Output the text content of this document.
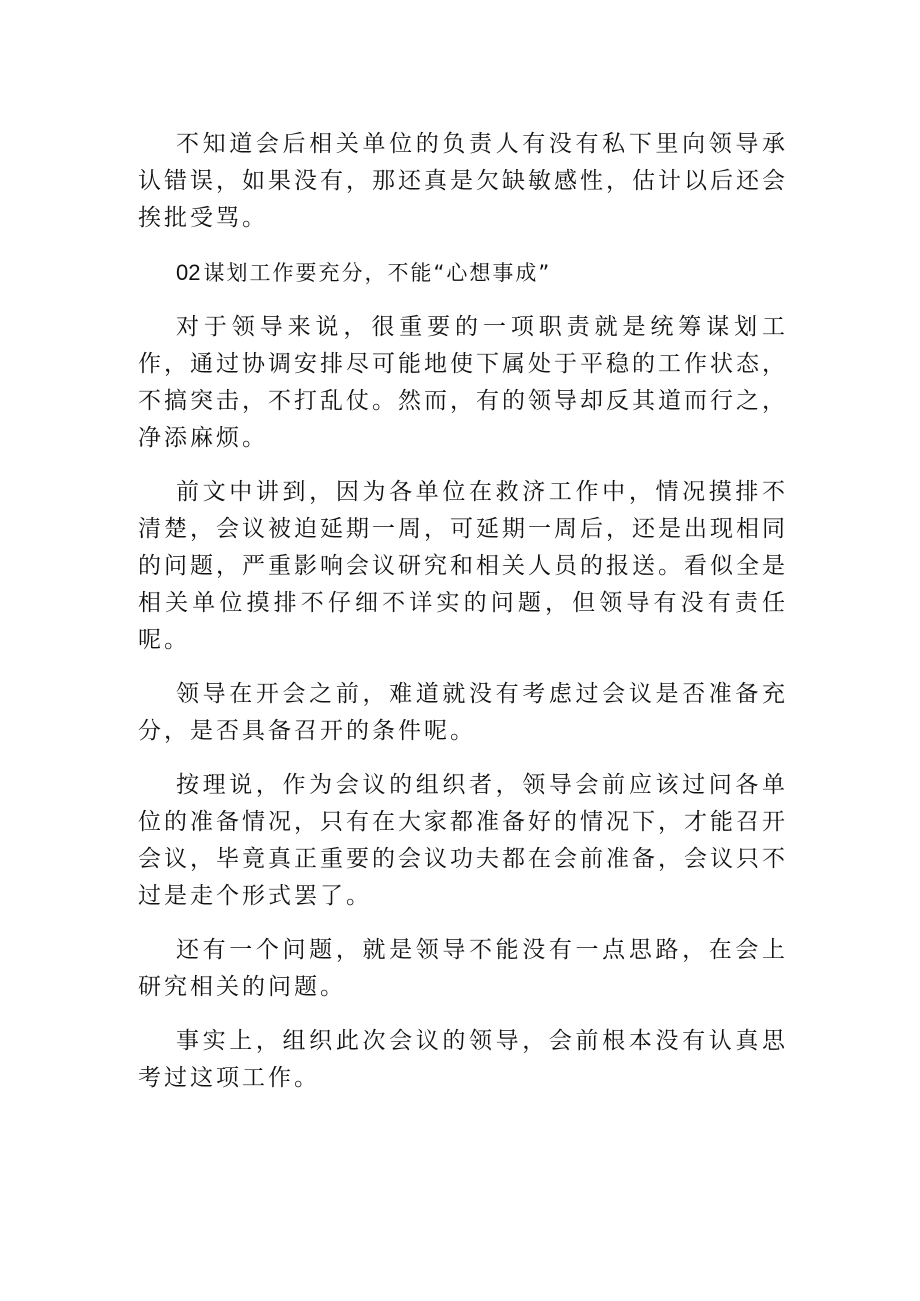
不知道会后相关单位的负责人有没有私下里向领导承认错误，如果没有，那还真是欠缺敏感性，估计以后还会挨批受骂。

02 谋划工作要充分，不能“心想事成”

对于领导来说，很重要的一项职责就是统筹谋划工作，通过协调安排尽可能地使下属处于平稳的工作状态，不搞突击，不打乱仗。然而，有的领导却反其道而行之，净添麻烦。

前文中讲到，因为各单位在救济工作中，情况摸排不清楚，会议被迫延期一周，可延期一周后，还是出现相同的问题，严重影响会议研究和相关人员的报送。看似全是相关单位摸排不仔细不详实的问题，但领导有没有责任呢。

领导在开会之前，难道就没有考虑过会议是否准备充分，是否具备召开的条件呢。

按理说，作为会议的组织者，领导会前应该过问各单位的准备情况，只有在大家都准备好的情况下，才能召开会议，毕竟真正重要的会议功夫都在会前准备，会议只不过是走个形式罢了。

还有一个问题，就是领导不能没有一点思路，在会上研究相关的问题。

事实上，组织此次会议的领导，会前根本没有认真思考过这项工作。
